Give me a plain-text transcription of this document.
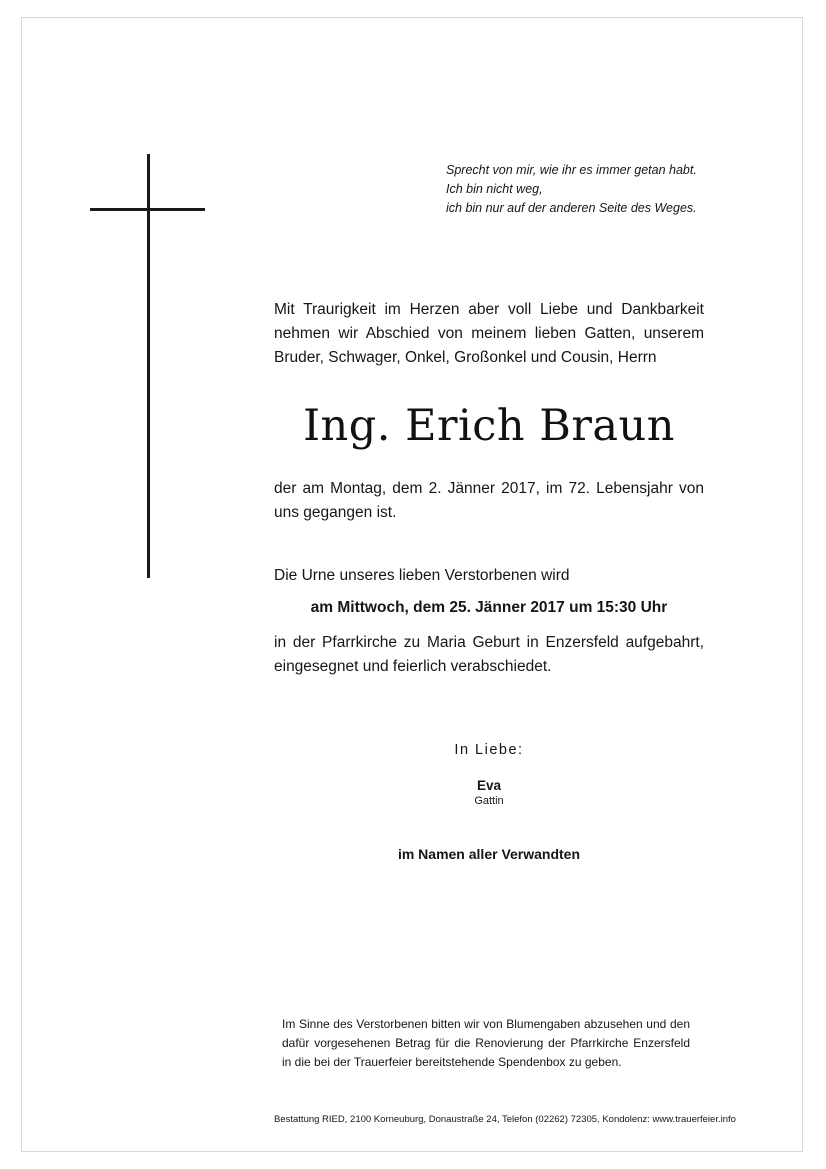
Sprecht von mir, wie ihr es immer getan habt.
Ich bin nicht weg,
ich bin nur auf der anderen Seite des Weges.
Mit Traurigkeit im Herzen aber voll Liebe und Dankbarkeit nehmen wir Abschied von meinem lieben Gatten, unserem Bruder, Schwager, Onkel, Großonkel und Cousin, Herrn
Ing. Erich Braun
der am Montag, dem 2. Jänner 2017, im 72. Lebensjahr von uns gegangen ist.
Die Urne unseres lieben Verstorbenen wird
am Mittwoch, dem 25. Jänner 2017 um 15:30 Uhr
in der Pfarrkirche zu Maria Geburt in Enzersfeld aufgebahrt, eingesegnet und feierlich verabschiedet.
In Liebe:
Eva
Gattin
im Namen aller Verwandten
Im Sinne des Verstorbenen bitten wir von Blumengaben abzusehen und den dafür vorgesehenen Betrag für die Renovierung der Pfarrkirche Enzersfeld in die bei der Trauerfeier bereitstehende Spendenbox zu geben.
Bestattung RIED, 2100 Korneuburg, Donaustraße 24, Telefon (02262) 72305, Kondolenz: www.trauerfeier.info
